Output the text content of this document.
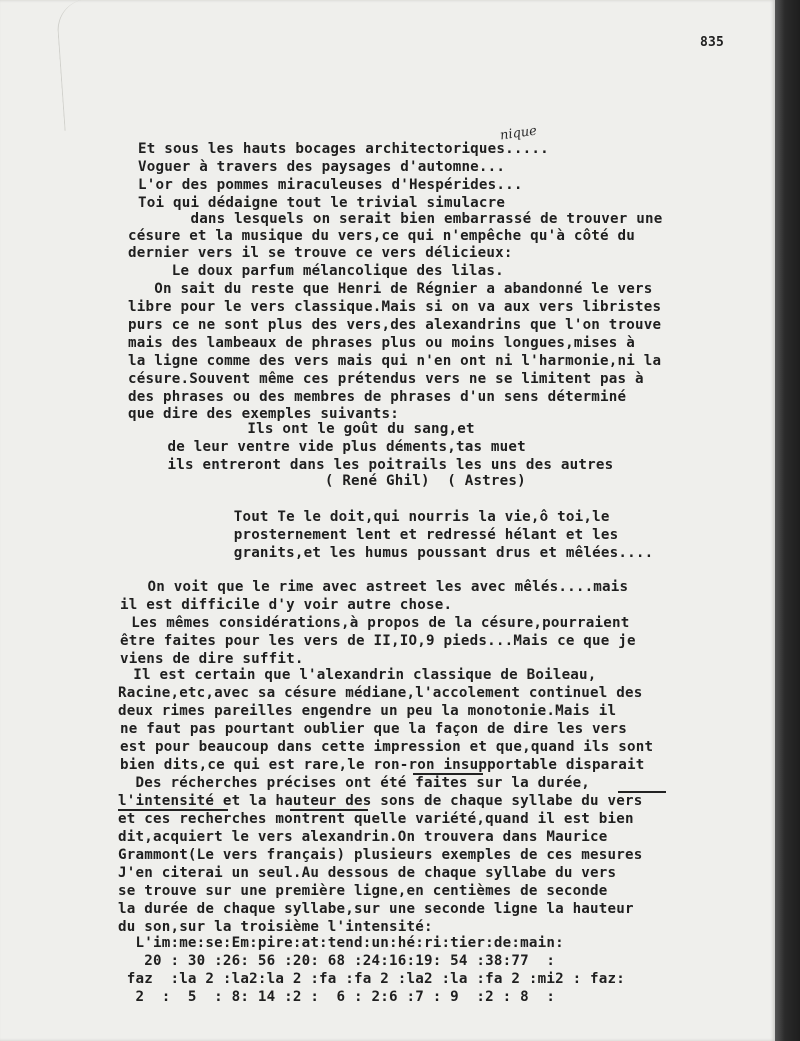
835
nique
Et sous les hauts bocages architectoriques.....
Voguer à travers des paysages d'automne...
L'or des pommes miraculeuses d'Hespérides...
Toi qui dédaigne tout le trivial simulacre
dans lesquels on serait bien embarrassé de trouver une
césure et la musique du vers,ce qui n'empêche qu'à côté du
dernier vers il se trouve ce vers délicieux:
Le doux parfum mélancolique des lilas.
On sait du reste que Henri de Régnier a abandonné le vers
libre pour le vers classique.Mais si on va aux vers libristes
purs ce ne sont plus des vers,des alexandrins que l'on trouve
mais des lambeaux de phrases plus ou moins longues,mises à
la ligne comme des vers mais qui n'en ont ni l'harmonie,ni la
césure.Souvent même ces prétendus vers ne se limitent pas à
des phrases ou des membres de phrases d'un sens déterminé
que dire des exemples suivants:
Ils ont le goût du sang,et
de leur ventre vide plus déments,tas muet
ils entreront dans les poitrails les uns des autres
( René Ghil)  ( Astres)
Tout Te le doit,qui nourris la vie,ô toi,le
prosternement lent et redressé hélant et les
granits,et les humus poussant drus et mêlées....
On voit que le rime avec astreet les avec mêlés....mais
il est difficile d'y voir autre chose.
Les mêmes considérations,à propos de la césure,pourraient
être faites pour les vers de II,IO,9 pieds...Mais ce que je
viens de dire suffit.
Il est certain que l'alexandrin classique de Boileau,
Racine,etc,avec sa césure médiane,l'accolement continuel des
deux rimes pareilles engendre un peu la monotonie.Mais il
ne faut pas pourtant oublier que la façon de dire les vers
est pour beaucoup dans cette impression et que,quand ils sont
bien dits,ce qui est rare,le ron-ron insupportable disparait
Des récherches précises ont été faites sur la durée,
l'intensité et la hauteur des sons de chaque syllabe du vers
et ces recherches montrent quelle variété,quand il est bien
dit,acquiert le vers alexandrin.On trouvera dans Maurice
Grammont(Le vers français) plusieurs exemples de ces mesures
J'en citerai un seul.Au dessous de chaque syllabe du vers
se trouve sur une première ligne,en centièmes de seconde
la durée de chaque syllabe,sur une seconde ligne la hauteur
du son,sur la troisième l'intensité:
L'im:me:se:Em:pire:at:tend:un:hé:ri:tier:de:main:
20 : 30 :26: 56 :20: 68 :24:16:19: 54 :38:77  :
faz  :la 2 :la2:la 2 :fa :fa 2 :la2 :la :fa 2 :mi2 : faz:
2  :  5  : 8: 14 :2 :  6 : 2:6 :7 : 9  :2 : 8  :
